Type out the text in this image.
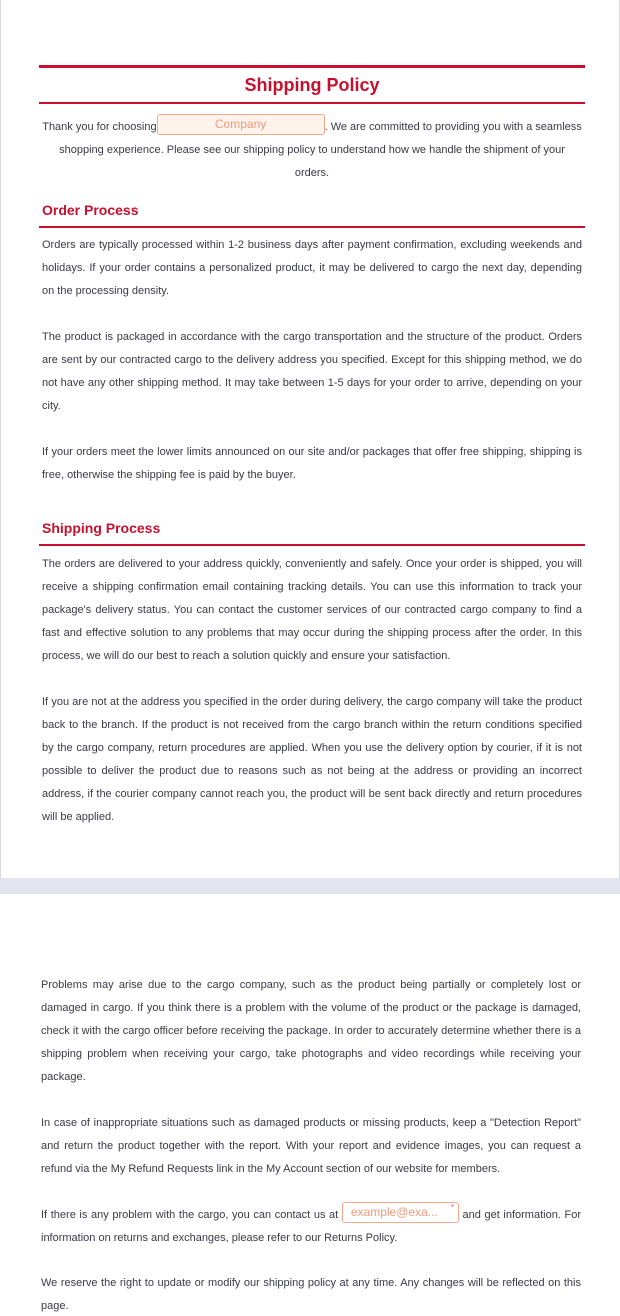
Shipping Policy

Thank you for choosing	Company	. We are committed to providing you with a seamless shopping experience. Please see our shipping policy to understand how we handle the shipment of your orders.

Order Process

Orders are typically processed within 1-2 business days after payment confirmation, excluding weekends and holidays. If your order contains a personalized product, it may be delivered to cargo the next day, depending on the processing density.

The product is packaged in accordance with the cargo transportation and the structure of the product. Orders are sent by our contracted cargo to the delivery address you specified. Except for this shipping method, we do not have any other shipping method. It may take between 1-5 days for your order to arrive, depending on your city.

If your orders meet the lower limits announced on our site and/or packages that offer free shipping, shipping is free, otherwise the shipping fee is paid by the buyer.

Shipping Process

The orders are delivered to your address quickly, conveniently and safely. Once your order is shipped, you will receive a shipping confirmation email containing tracking details. You can use this information to track your package's delivery status. You can contact the customer services of our contracted cargo company to find a fast and effective solution to any problems that may occur during the shipping process after the order. In this process, we will do our best to reach a solution quickly and ensure your satisfaction.

If you are not at the address you specified in the order during delivery, the cargo company will take the product back to the branch. If the product is not received from the cargo branch within the return conditions specified by the cargo company, return procedures are applied. When you use the delivery option by courier, if it is not possible to deliver the product due to reasons such as not being at the address or providing an incorrect address, if the courier company cannot reach you, the product will be sent back directly and return procedures will be applied.

Problems may arise due to the cargo company, such as the product being partially or completely lost or damaged in cargo. If you think there is a problem with the volume of the product or the package is damaged, check it with the cargo officer before receiving the package. In order to accurately determine whether there is a shipping problem when receiving your cargo, take photographs and video recordings while receiving your package.

In case of inappropriate situations such as damaged products or missing products, keep a "Detection Report" and return the product together with the report. With your report and evidence images, you can request a refund via the My Refund Requests link in the My Account section of our website for members.

If there is any problem with the cargo, you can contact us at example@exa... *
and get information. For information on returns and exchanges, please refer to our Returns Policy.

We reserve the right to update or modify our shipping policy at any time. Any changes will be reflected on this page.
